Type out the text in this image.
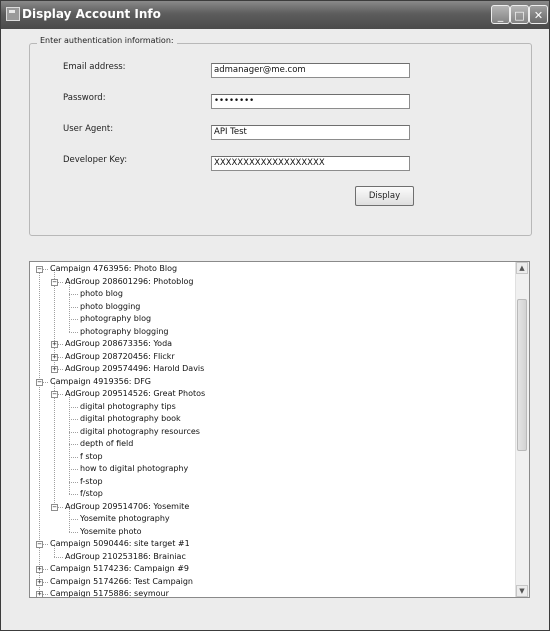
Display Account Info	_	□ ✕
Enter authentication information:
Email address:	admanager@me.com
Password:	••••••••
User Agent:	API Test
Developer Key:	XXXXXXXXXXXXXXXXXXX
Display
▲
▼
− Campaign 4763956: Photo Blog
− AdGroup 208601296: Photoblog
photo blog
photo blogging
photography blog
photography blogging
+ AdGroup 208673356: Yoda
+ AdGroup 208720456: Flickr
+ AdGroup 209574496: Harold Davis
− Campaign 4919356: DFG
− AdGroup 209514526: Great Photos
digital photography tips
digital photography book
digital photography resources
depth of field
f stop
how to digital photography
f-stop
f/stop
− AdGroup 209514706: Yosemite
Yosemite photography
Yosemite photo
− Campaign 5090446: site target #1
AdGroup 210253186: Brainiac
+ Campaign 5174236: Campaign #9
+ Campaign 5174266: Test Campaign
+ Campaign 5175886: seymour
